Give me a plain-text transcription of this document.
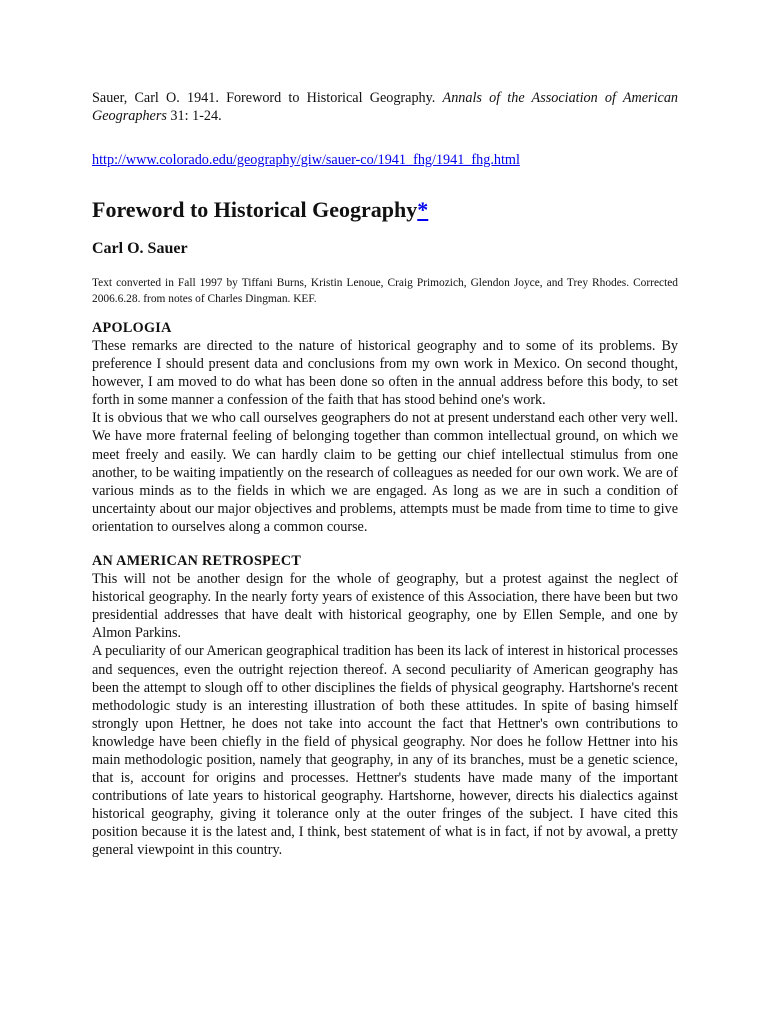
Sauer, Carl O. 1941. Foreword to Historical Geography. Annals of the Association of American Geographers 31: 1-24.

http://www.colorado.edu/geography/giw/sauer-co/1941_fhg/1941_fhg.html
Foreword to Historical Geography*
Carl O. Sauer

Text converted in Fall 1997 by Tiffani Burns, Kristin Lenoue, Craig Primozich, Glendon Joyce, and Trey Rhodes. Corrected 2006.6.28. from notes of Charles Dingman. KEF.

APOLOGIA

These remarks are directed to the nature of historical geography and to some of its problems. By preference I should present data and conclusions from my own work in Mexico. On second thought, however, I am moved to do what has been done so often in the annual address before this body, to set forth in some manner a confession of the faith that has stood behind one's work.

It is obvious that we who call ourselves geographers do not at present understand each other very well. We have more fraternal feeling of belonging together than common intellectual ground, on which we meet freely and easily. We can hardly claim to be getting our chief intellectual stimulus from one another, to be waiting impatiently on the research of colleagues as needed for our own work. We are of various minds as to the fields in which we are engaged. As long as we are in such a condition of uncertainty about our major objectives and problems, attempts must be made from time to time to give orientation to ourselves along a common course.

AN AMERICAN RETROSPECT

This will not be another design for the whole of geography, but a protest against the neglect of historical geography. In the nearly forty years of existence of this Association, there have been but two presidential addresses that have dealt with historical geography, one by Ellen Semple, and one by Almon Parkins.

A peculiarity of our American geographical tradition has been its lack of interest in historical processes and sequences, even the outright rejection thereof. A second peculiarity of American geography has been the attempt to slough off to other disciplines the fields of physical geography. Hartshorne's recent methodologic study is an interesting illustration of both these attitudes. In spite of basing himself strongly upon Hettner, he does not take into account the fact that Hettner's own contributions to knowledge have been chiefly in the field of physical geography. Nor does he follow Hettner into his main methodologic position, namely that geography, in any of its branches, must be a genetic science, that is, account for origins and processes. Hettner's students have made many of the important contributions of late years to historical geography. Hartshorne, however, directs his dialectics against historical geography, giving it tolerance only at the outer fringes of the subject. I have cited this position because it is the latest and, I think, best statement of what is in fact, if not by avowal, a pretty general viewpoint in this country.
